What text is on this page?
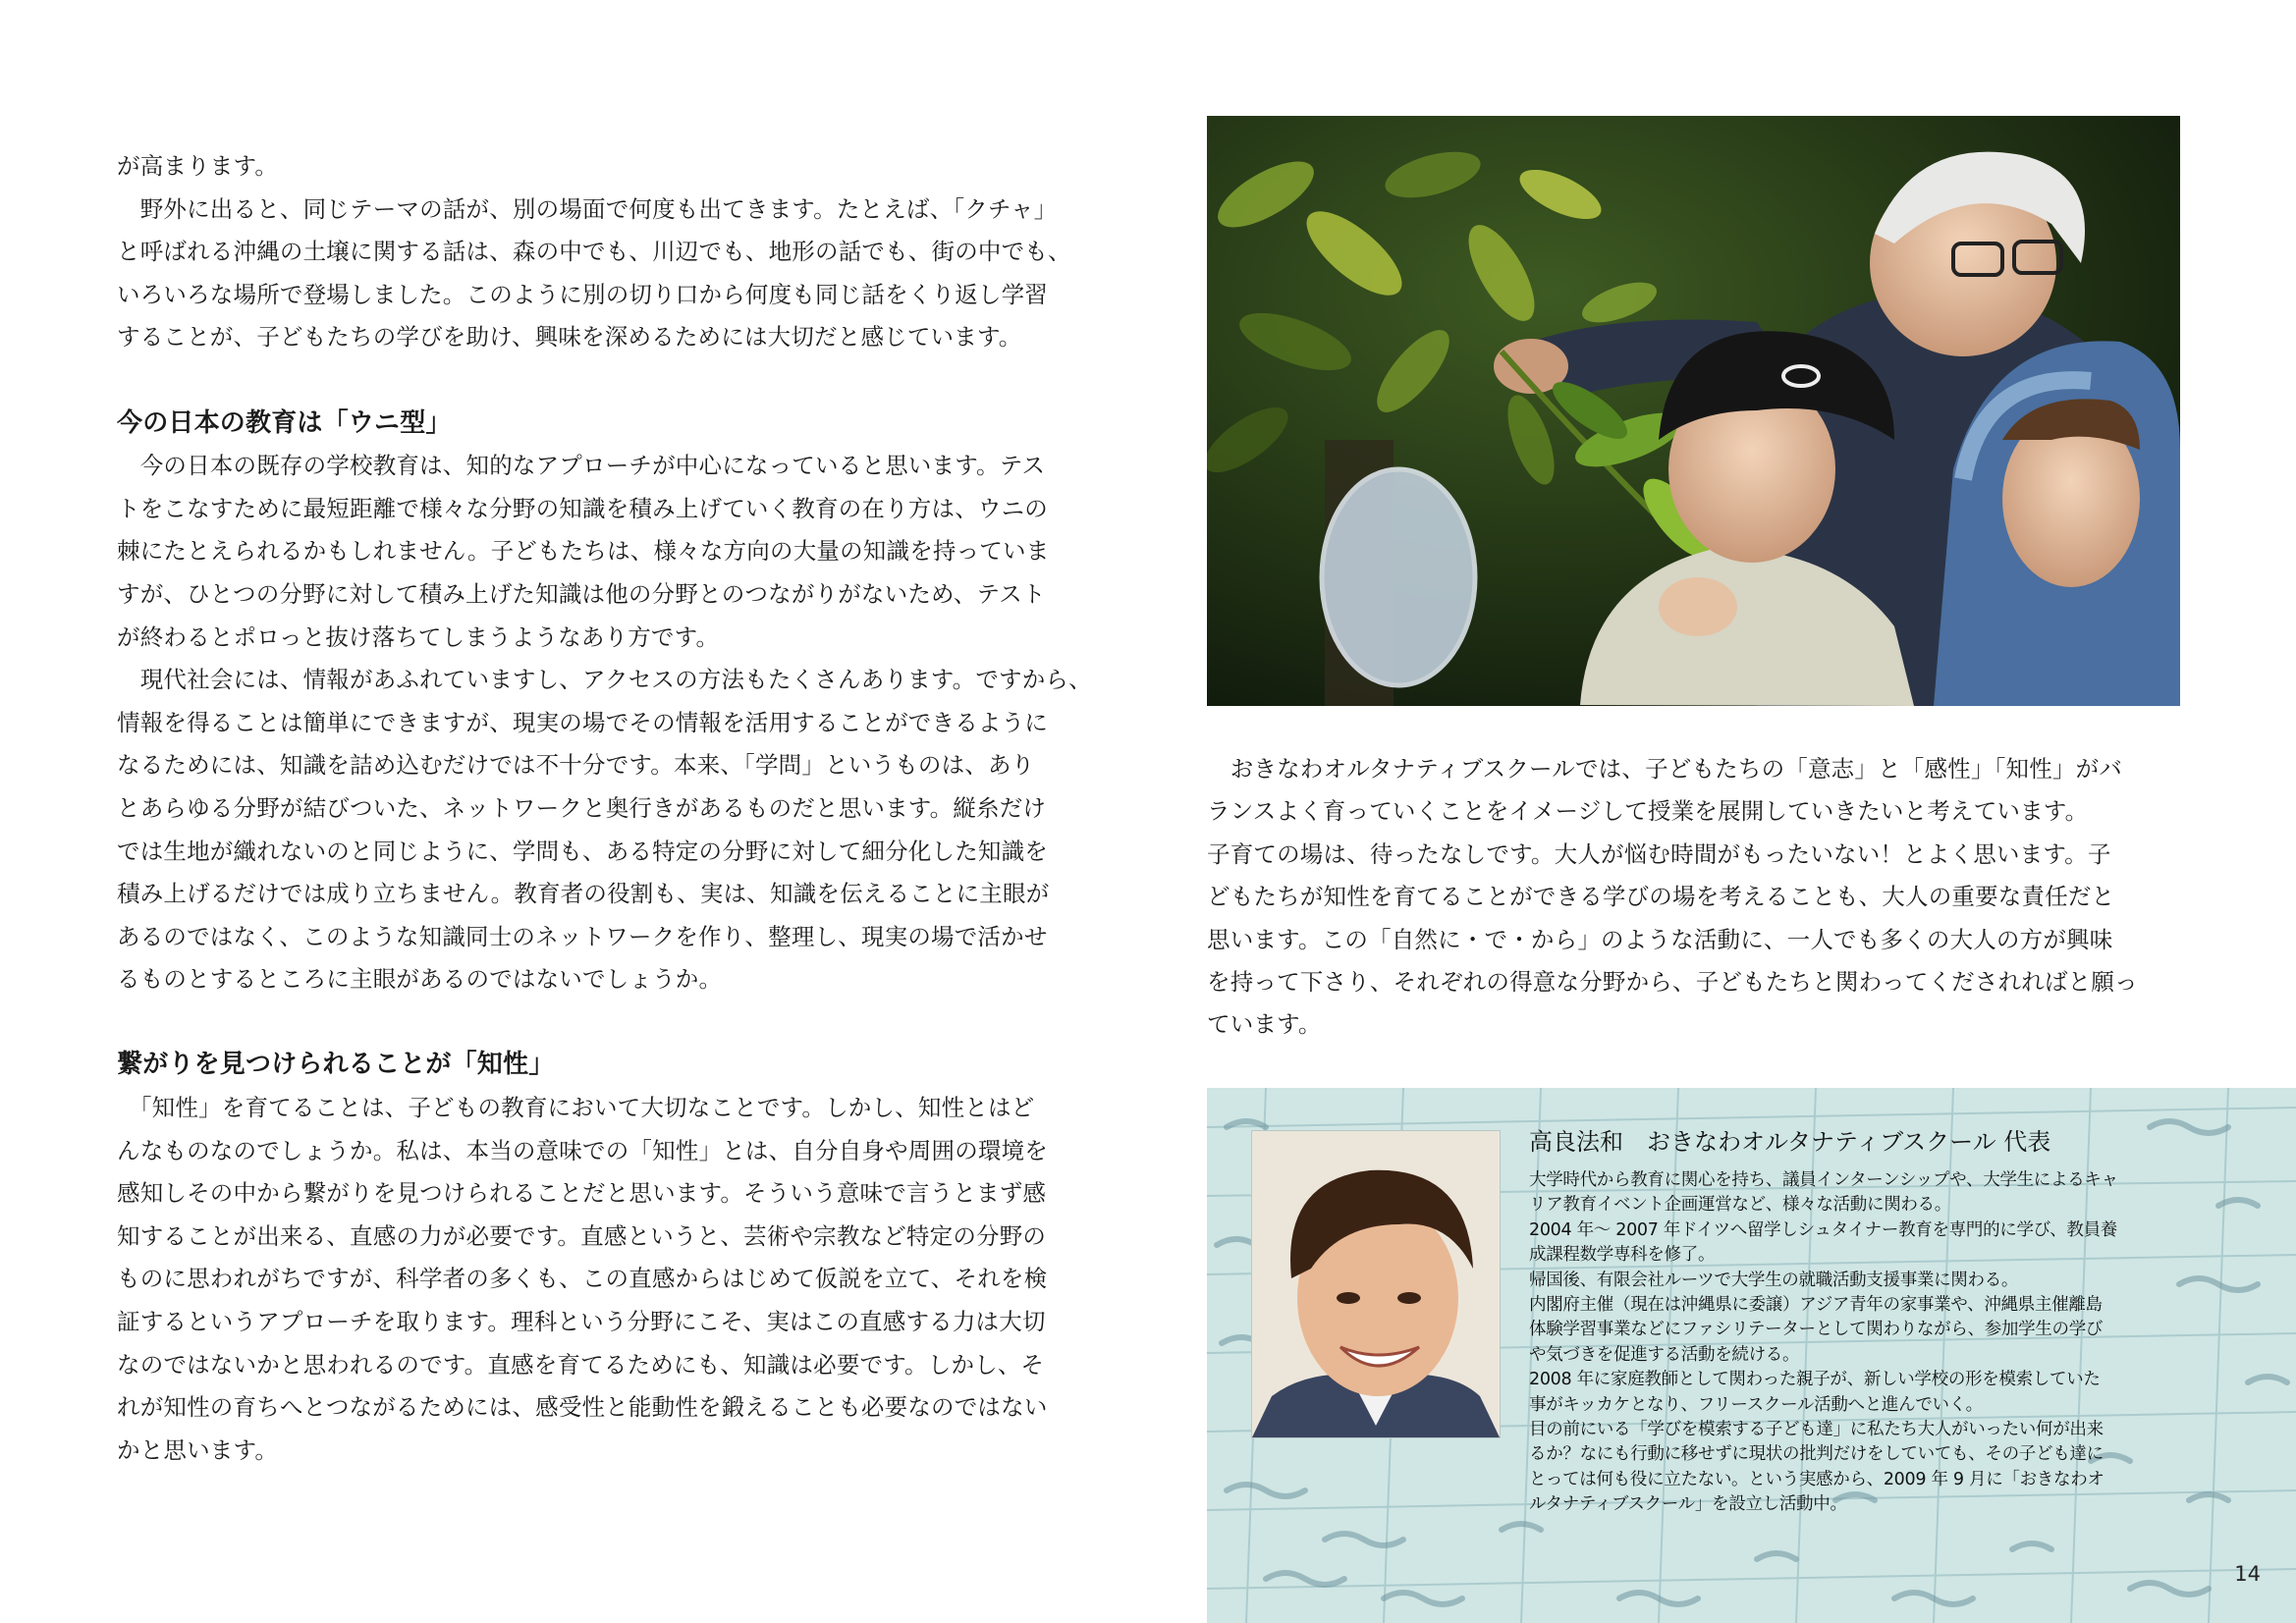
が高まります。
　野外に出ると、同じテーマの話が、別の場面で何度も出てきます。たとえば、「クチャ」
と呼ばれる沖縄の土壌に関する話は、森の中でも、川辺でも、地形の話でも、街の中でも、
いろいろな場所で登場しました。このように別の切り口から何度も同じ話をくり返し学習
することが、子どもたちの学びを助け、興味を深めるためには大切だと感じています。

今の日本の教育は「ウニ型」

　今の日本の既存の学校教育は、知的なアプローチが中心になっていると思います。テス
トをこなすために最短距離で様々な分野の知識を積み上げていく教育の在り方は、ウニの
棘にたとえられるかもしれません。子どもたちは、様々な方向の大量の知識を持っていま
すが、ひとつの分野に対して積み上げた知識は他の分野とのつながりがないため、テスト
が終わるとポロっと抜け落ちてしまうようなあり方です。

　現代社会には、情報があふれていますし、アクセスの方法もたくさんあります。ですから、
情報を得ることは簡単にできますが、現実の場でその情報を活用することができるように
なるためには、知識を詰め込むだけでは不十分です。本来、「学問」というものは、あり
とあらゆる分野が結びついた、ネットワークと奥行きがあるものだと思います。縦糸だけ
では生地が織れないのと同じように、学問も、ある特定の分野に対して細分化した知識を
積み上げるだけでは成り立ちません。教育者の役割も、実は、知識を伝えることに主眼が
あるのではなく、このような知識同士のネットワークを作り、整理し、現実の場で活かせ
るものとするところに主眼があるのではないでしょうか。

繋がりを見つけられることが「知性」

　「知性」を育てることは、子どもの教育において大切なことです。しかし、知性とはど
んなものなのでしょうか。私は、本当の意味での「知性」とは、自分自身や周囲の環境を
感知しその中から繋がりを見つけられることだと思います。そういう意味で言うとまず感
知することが出来る、直感の力が必要です。直感というと、芸術や宗教など特定の分野の
ものに思われがちですが、科学者の多くも、この直感からはじめて仮説を立て、それを検
証するというアプローチを取ります。理科という分野にこそ、実はこの直感する力は大切
なのではないかと思われるのです。直感を育てるためにも、知識は必要です。しかし、そ
れが知性の育ちへとつながるためには、感受性と能動性を鍛えることも必要なのではない
かと思います。

　おきなわオルタナティブスクールでは、子どもたちの「意志」と「感性」「知性」がバ
ランスよく育っていくことをイメージして授業を展開していきたいと考えています。
子育ての場は、待ったなしです。大人が悩む時間がもったいない！とよく思います。子
どもたちが知性を育てることができる学びの場を考えることも、大人の重要な責任だと
思います。この「自然に・で・から」のような活動に、一人でも多くの大人の方が興味
を持って下さり、それぞれの得意な分野から、子どもたちと関わってくだされればと願っ
ています。

高良法和　おきなわオルタナティブスクール 代表
大学時代から教育に関心を持ち、議員インターンシップや、大学生によるキャ
リア教育イベント企画運営など、様々な活動に関わる。
2004 年～ 2007 年ドイツへ留学しシュタイナー教育を専門的に学び、教員養
成課程数学専科を修了。
帰国後、有限会社ルーツで大学生の就職活動支援事業に関わる。
内閣府主催（現在は沖縄県に委譲）アジア青年の家事業や、沖縄県主催離島
体験学習事業などにファシリテーターとして関わりながら、参加学生の学び
や気づきを促進する活動を続ける。
2008 年に家庭教師として関わった親子が、新しい学校の形を模索していた
事がキッカケとなり、フリースクール活動へと進んでいく。
目の前にいる「学びを模索する子ども達」に私たち大人がいったい何が出来
るか？なにも行動に移せずに現状の批判だけをしていても、その子ども達に
とっては何も役に立たない。という実感から、2009 年 9 月に「おきなわオ
ルタナティブスクール」を設立し活動中。
14
